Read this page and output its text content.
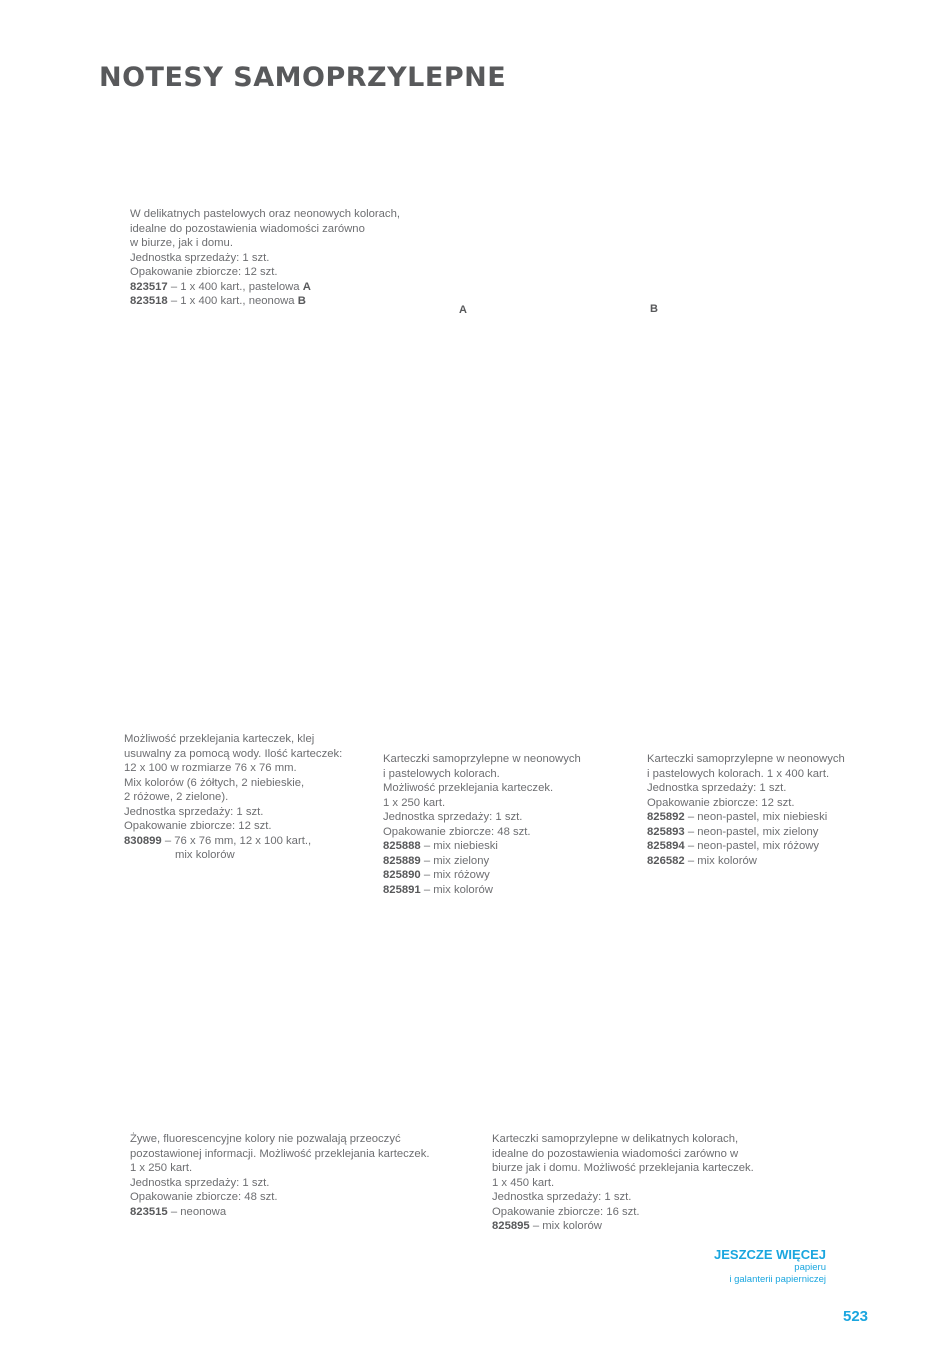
NOTESY SAMOPRZYLEPNE
W delikatnych pastelowych oraz neonowych kolorach,
idealne do pozostawienia wiadomości zarówno
w biurze, jak i domu.
Jednostka sprzedaży: 1 szt.
Opakowanie zbiorcze: 12 szt.
823517 – 1 x 400 kart., pastelowa A
823518 – 1 x 400 kart., neonowa B
A	B
Możliwość przeklejania karteczek, klej
usuwalny za pomocą wody. Ilość karteczek:
12 x 100 w rozmiarze 76 x 76 mm.
Mix kolorów (6 żółtych, 2 niebieskie,
2 różowe, 2 zielone).
Jednostka sprzedaży: 1 szt.
Opakowanie zbiorcze: 12 szt.
830899 – 76 x 76 mm, 12 x 100 kart.,
mix kolorów
Karteczki samoprzylepne w neonowych
i pastelowych kolorach.
Możliwość przeklejania karteczek.
1 x 250 kart.
Jednostka sprzedaży: 1 szt.
Opakowanie zbiorcze: 48 szt.
825888 – mix niebieski
825889 – mix zielony
825890 – mix różowy
825891 – mix kolorów
Karteczki samoprzylepne w neonowych
i pastelowych kolorach. 1 x 400 kart.
Jednostka sprzedaży: 1 szt.
Opakowanie zbiorcze: 12 szt.
825892 – neon-pastel, mix niebieski
825893 – neon-pastel, mix zielony
825894 – neon-pastel, mix różowy
826582 – mix kolorów
Żywe, fluorescencyjne kolory nie pozwalają przeoczyć
pozostawionej informacji. Możliwość przeklejania karteczek.
1 x 250 kart.
Jednostka sprzedaży: 1 szt.
Opakowanie zbiorcze: 48 szt.
823515 – neonowa
Karteczki samoprzylepne w delikatnych kolorach,
idealne do pozostawienia wiadomości zarówno w
biurze jak i domu. Możliwość przeklejania karteczek.
1 x 450 kart.
Jednostka sprzedaży: 1 szt.
Opakowanie zbiorcze: 16 szt.
825895 – mix kolorów
JESZCZE WIĘCEJ
papieru
i galanterii papierniczej
523
